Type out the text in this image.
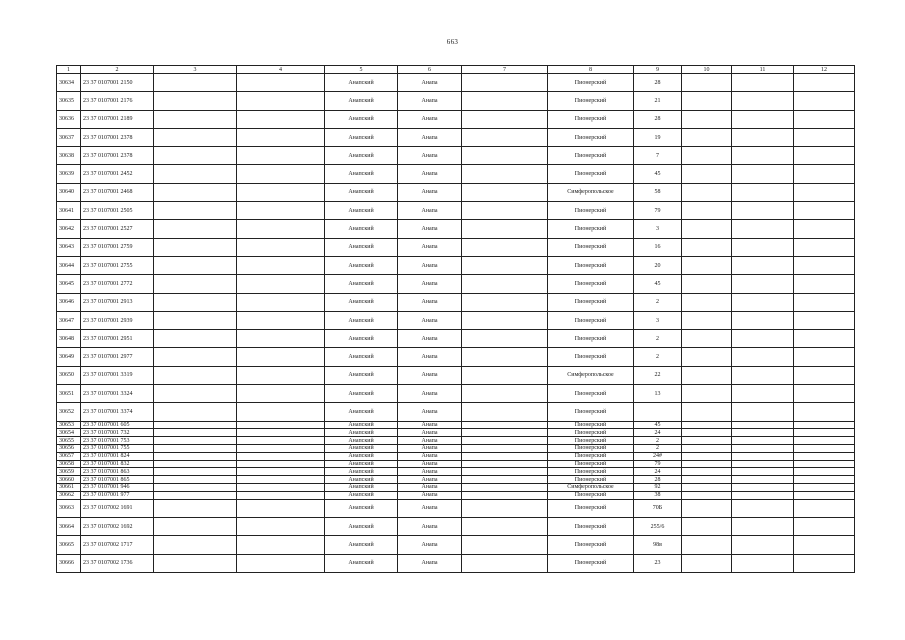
663
1	2	3	4	5	6	7	8	9	10	11	12
30634	23 37 0107001 2150			Анапский	Анапа		Пионерский	28			
30635	23 37 0107001 2176			Анапский	Анапа		Пионерский	21			
30636	23 37 0107001 2189			Анапский	Анапа		Пионерский	28			
30637	23 37 0107001 2378			Анапский	Анапа		Пионерский	19			
30638	23 37 0107001 2378			Анапский	Анапа		Пионерский	7			
30639	23 37 0107001 2452			Анапский	Анапа		Пионерский	45			
30640	23 37 0107001 2468			Анапский	Анапа		Симферопольское	58			
30641	23 37 0107001 2505			Анапский	Анапа		Пионерский	79			
30642	23 37 0107001 2527			Анапский	Анапа		Пионерский	3			
30643	23 37 0107001 2759			Анапский	Анапа		Пионерский	16			
30644	23 37 0107001 2755			Анапский	Анапа		Пионерский	20			
30645	23 37 0107001 2772			Анапский	Анапа		Пионерский	45			
30646	23 37 0107001 2913			Анапский	Анапа		Пионерский	2			
30647	23 37 0107001 2939			Анапский	Анапа		Пионерский	3			
30648	23 37 0107001 2951			Анапский	Анапа		Пионерский	2			
30649	23 37 0107001 2977			Анапский	Анапа		Пионерский	2			
30650	23 37 0107001 3319			Анапский	Анапа		Симферопольское	22			
30651	23 37 0107001 3324			Анапский	Анапа		Пионерский	13			
30652	23 37 0107001 3374			Анапский	Анапа		Пионерский				
30653	23 37 0107001 605			Анапский	Анапа		Пионерский	45			
30654	23 37 0107001 732			Анапский	Анапа		Пионерский	24			
30655	23 37 0107001 753			Анапский	Анапа		Пионерский	2			
30656	23 37 0107001 755			Анапский	Анапа		Пионерский	2			
30657	23 37 0107001 824			Анапский	Анапа		Пионерский	24#			
30658	23 37 0107001 832			Анапский	Анапа		Пионерский	79			
30659	23 37 0107001 863			Анапский	Анапа		Пионерский	24			
30660	23 37 0107001 865			Анапский	Анапа		Пионерский	28			
30661	23 37 0107001 946			Анапский	Анапа		Симферопольское	92			
30662	23 37 0107001 977			Анапский	Анапа		Пионерский	38			
30663	23 37 0107002 1691			Анапский	Анапа		Пионерский	70Б			
30664	23 37 0107002 1692			Анапский	Анапа		Пионерский	255/6			
30665	23 37 0107002 1717			Анапский	Анапа		Пионерский	98в			
30666	23 37 0107002 1736			Анапский	Анапа		Пионерский	23			
